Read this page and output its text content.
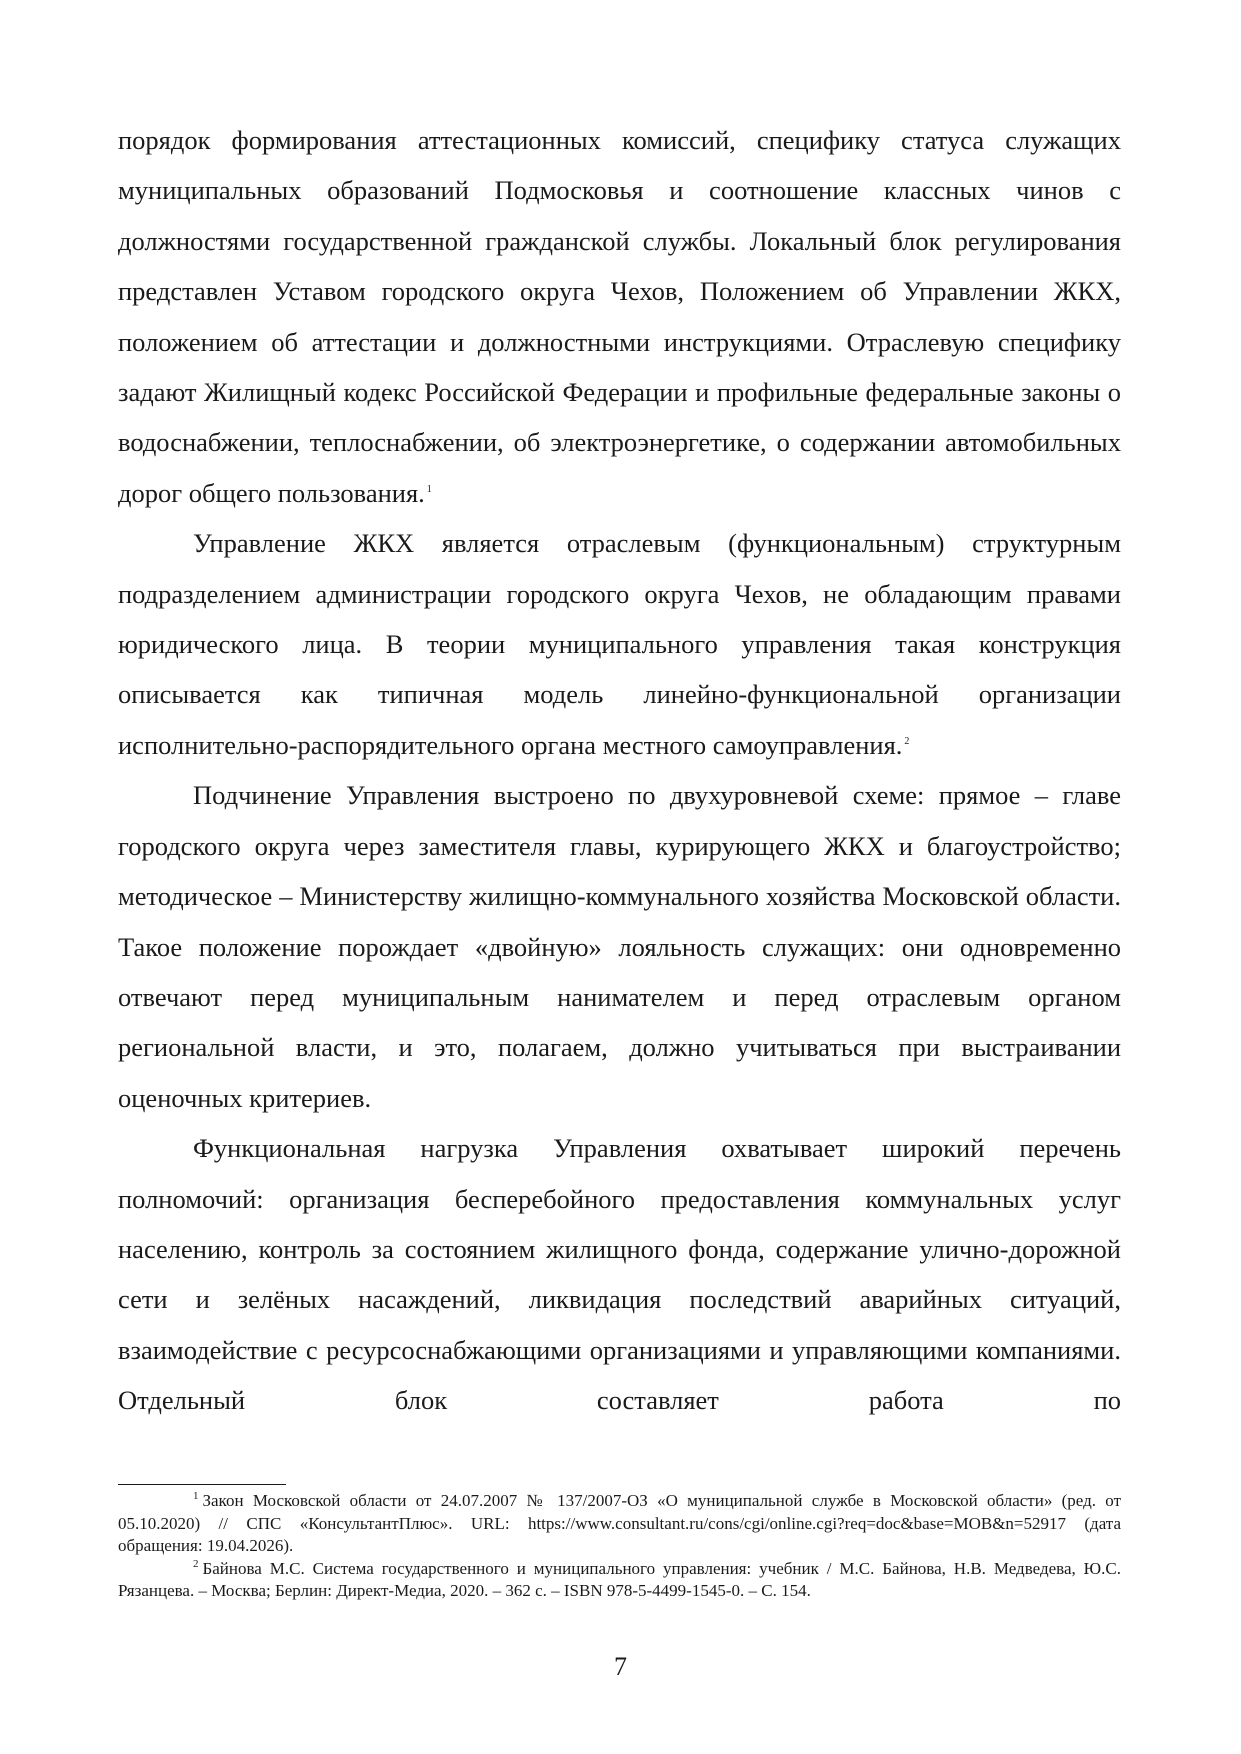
порядок формирования аттестационных комиссий, специфику статуса служащих муниципальных образований Подмосковья и соотношение классных чинов с должностями государственной гражданской службы. Локальный блок регулирования представлен Уставом городского округа Чехов, Положением об Управлении ЖКХ, положением об аттестации и должностными инструкциями. Отраслевую специфику задают Жилищный кодекс Российской Федерации и профильные федеральные законы о водоснабжении, теплоснабжении, об электроэнергетике, о содержании автомобильных дорог общего пользования. $^1$

Управление ЖКХ является отраслевым (функциональным) структурным подразделением администрации городского округа Чехов, не обладающим правами юридического лица. В теории муниципального управления такая конструкция описывается как типичная модель линейно-функциональной организации исполнительно-распорядительного органа местного самоуправления. $^2$

Подчинение Управления выстроено по двухуровневой схеме: прямое – главе городского округа через заместителя главы, курирующего ЖКХ и благоустройство; методическое – Министерству жилищно-коммунального хозяйства Московской области. Такое положение порождает «двойную» лояльность служащих: они одновременно отвечают перед муниципальным нанимателем и перед отраслевым органом региональной власти, и это, полагаем, должно учитываться при выстраивании оценочных критериев.

Функциональная нагрузка Управления охватывает широкий перечень полномочий: организация бесперебойного предоставления коммунальных услуг населению, контроль за состоянием жилищного фонда, содержание улично-дорожной сети и зелёных насаждений, ликвидация последствий аварийных ситуаций, взаимодействие с ресурсоснабжающими организациями и управляющими компаниями. Отдельный блок составляет работа по

$^1$ Закон Московской области от 24.07.2007 № 137/2007-ОЗ «О муниципальной службе в Московской области» (ред. от 05.10.2020) // СПС «КонсультантПлюс». URL: https://www.consultant.ru/cons/cgi/online.cgi?req=doc&base=MOB&n=52917 (дата обращения: 19.04.2026).

$^2$ Байнова М.С. Система государственного и муниципального управления: учебник / М.С. Байнова, Н.В. Медведева, Ю.С. Рязанцева. – Москва; Берлин: Директ-Медиа, 2020. – 362 с. – ISBN 978-5-4499-1545-0. – С. 154.

7
